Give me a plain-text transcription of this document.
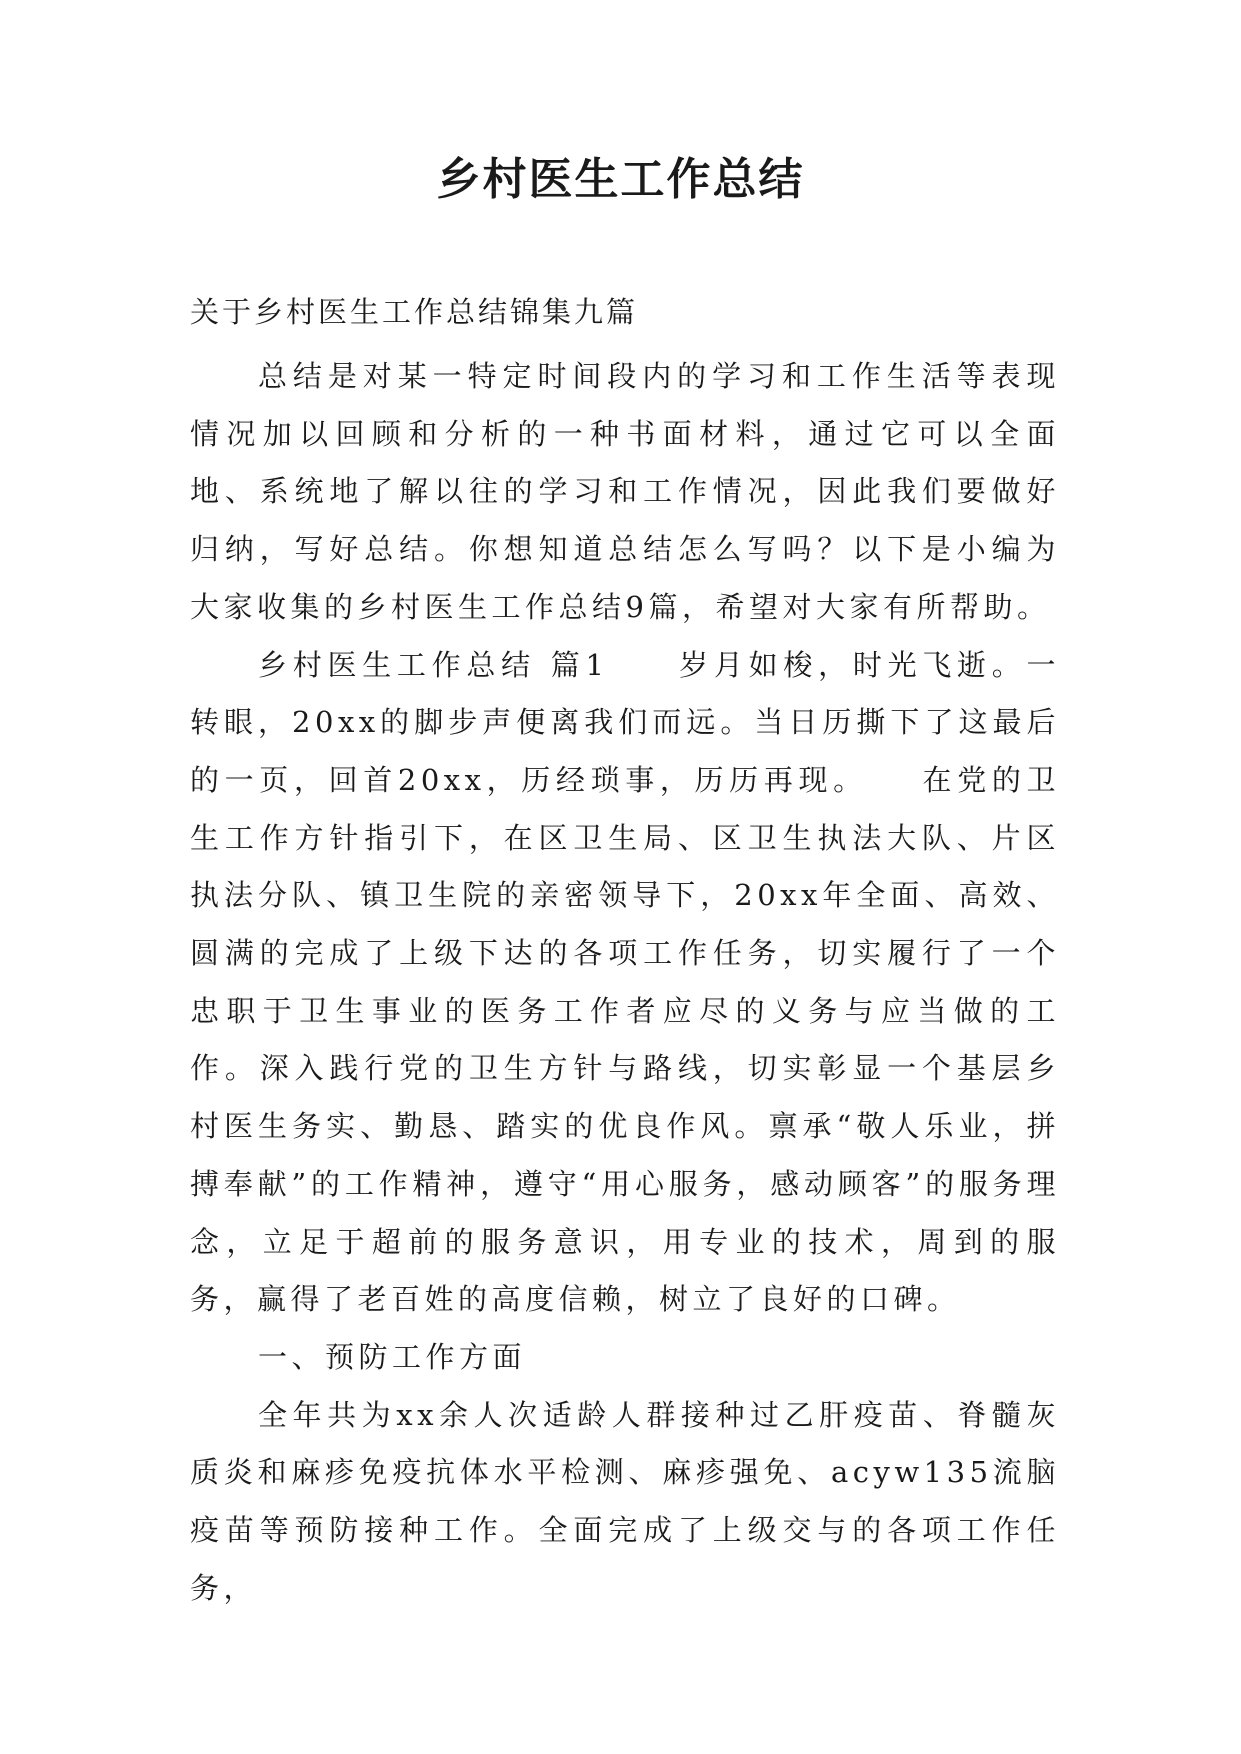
乡村医生工作总结

关于乡村医生工作总结锦集九篇

总结是对某一特定时间段内的学习和工作生活等表现情况加以回顾和分析的一种书面材料，通过它可以全面地、系统地了解以往的学习和工作情况，因此我们要做好归纳，写好总结。你想知道总结怎么写吗？以下是小编为大家收集的乡村医生工作总结9篇，希望对大家有所帮助。

乡村医生工作总结 篇1　　岁月如梭，时光飞逝。一转眼，20xx的脚步声便离我们而远。当日历撕下了这最后的一页，回首20xx，历经琐事，历历再现。　　在党的卫生工作方针指引下，在区卫生局、区卫生执法大队、片区执法分队、镇卫生院的亲密领导下，20xx年全面、高效、圆满的完成了上级下达的各项工作任务，切实履行了一个忠职于卫生事业的医务工作者应尽的义务与应当做的工作。深入践行党的卫生方针与路线，切实彰显一个基层乡村医生务实、勤恳、踏实的优良作风。禀承“敬人乐业，拼搏奉献”的工作精神，遵守“用心服务，感动顾客”的服务理念，立足于超前的服务意识，用专业的技术，周到的服务，赢得了老百姓的高度信赖，树立了良好的口碑。

一、预防工作方面

全年共为xx余人次适龄人群接种过乙肝疫苗、脊髓灰质炎和麻疹免疫抗体水平检测、麻疹强免、acyw135流脑疫苗等预防接种工作。全面完成了上级交与的各项工作任务，
